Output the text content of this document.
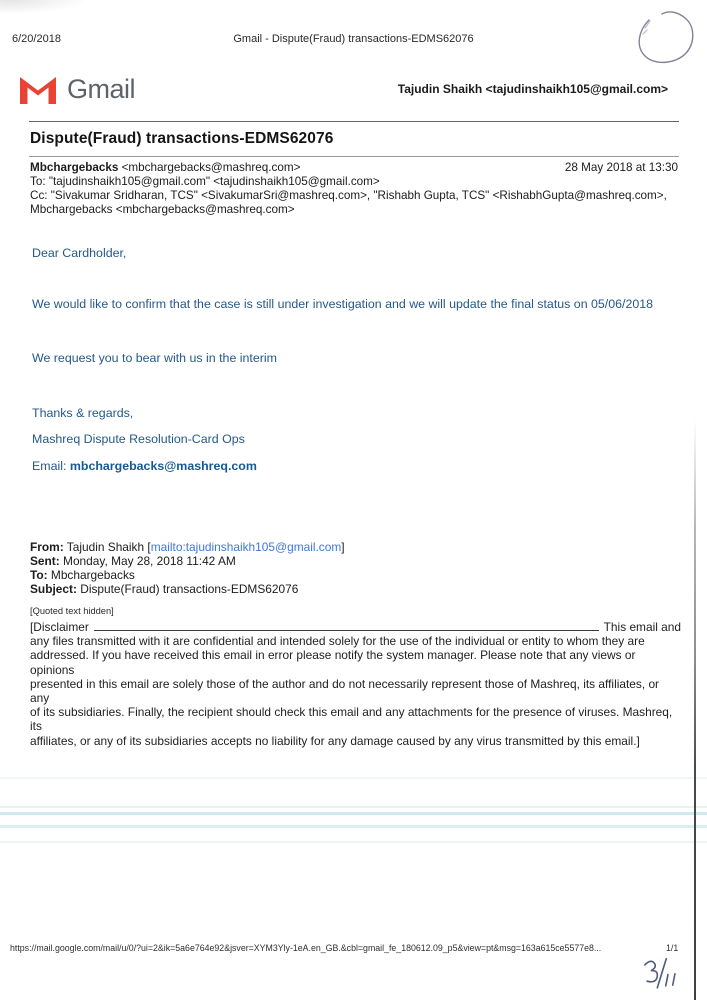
6/20/2018	Gmail - Dispute(Fraud) transactions-EDMS62076
Gmail	Tajudin Shaikh <tajudinshaikh105@gmail.com>
Dispute(Fraud) transactions-EDMS62076
Mbchargebacks <mbchargebacks@mashreq.com>	28 May 2018 at 13:30
To: "tajudinshaikh105@gmail.com" <tajudinshaikh105@gmail.com>
Cc: "Sivakumar Sridharan, TCS" <SivakumarSri@mashreq.com>, "Rishabh Gupta, TCS" <RishabhGupta@mashreq.com>,
Mbchargebacks <mbchargebacks@mashreq.com>
Dear Cardholder,
We would like to confirm that the case is still under investigation and we will update the final status on 05/06/2018
We request you to bear with us in the interim
Thanks & regards,
Mashreq Dispute Resolution-Card Ops
Email: mbchargebacks@mashreq.com
From: Tajudin Shaikh [mailto:tajudinshaikh105@gmail.com]
Sent: Monday, May 28, 2018 11:42 AM
To: Mbchargebacks
Subject: Dispute(Fraud) transactions-EDMS62076
[Quoted text hidden]
[Disclaimer	This email and
any files transmitted with it are confidential and intended solely for the use of the individual or entity to whom they are
addressed. If you have received this email in error please notify the system manager. Please note that any views or opinions
presented in this email are solely those of the author and do not necessarily represent those of Mashreq, its affiliates, or any
of its subsidiaries. Finally, the recipient should check this email and any attachments for the presence of viruses. Mashreq, its
affiliates, or any of its subsidiaries accepts no liability for any damage caused by any virus transmitted by this email.]
https://mail.google.com/mail/u/0/?ui=2&ik=5a6e764e92&jsver=XYM3Yly-1eA.en_GB.&cbl=gmail_fe_180612.09_p5&view=pt&msg=163a615ce5577e8...	1/1
